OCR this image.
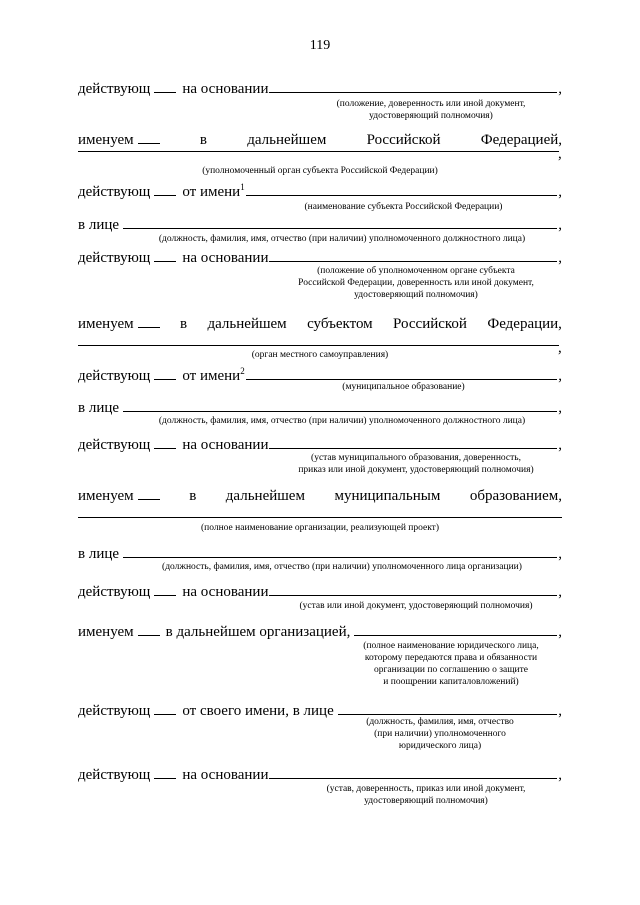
119
действующ на основании	,
(положение, доверенность или иной документ,
удостоверяющий полномочия)
именуем	в	дальнейшем	Российской	Федерацией,
,
(уполномоченный орган субъекта Российской Федерации)
действующ от имени$^1$	,
(наименование субъекта Российской Федерации)
в лице	,
(должность, фамилия, имя, отчество (при наличии) уполномоченного должностного лица)
действующ на основании	,
(положение об уполномоченном органе субъекта
Российской Федерации, доверенность или иной документ,
удостоверяющий полномочия)
именуем	в дальнейшем субъектом Российской Федерации,
,
(орган местного самоуправления)
действующ от имени$^2$	,
(муниципальное образование)
в лице	,
(должность, фамилия, имя, отчество (при наличии) уполномоченного должностного лица)
действующ на основании	,
(устав муниципального образования, доверенность,
приказ или иной документ, удостоверяющий полномочия)
именуем	в дальнейшем муниципальным образованием,
(полное наименование организации, реализующей проект)
в лице	,
(должность, фамилия, имя, отчество (при наличии) уполномоченного лица организации)
действующ на основании	,
(устав или иной документ, удостоверяющий полномочия)
именуем в дальнейшем организацией,	,
(полное наименование юридического лица,
которому передаются права и обязанности
организации по соглашению о защите
и поощрении капиталовложений)
действующ от своего имени, в лице	,
(должность, фамилия, имя, отчество
(при наличии) уполномоченного
юридического лица)
действующ на основании	,
(устав, доверенность, приказ или иной документ,
удостоверяющий полномочия)
